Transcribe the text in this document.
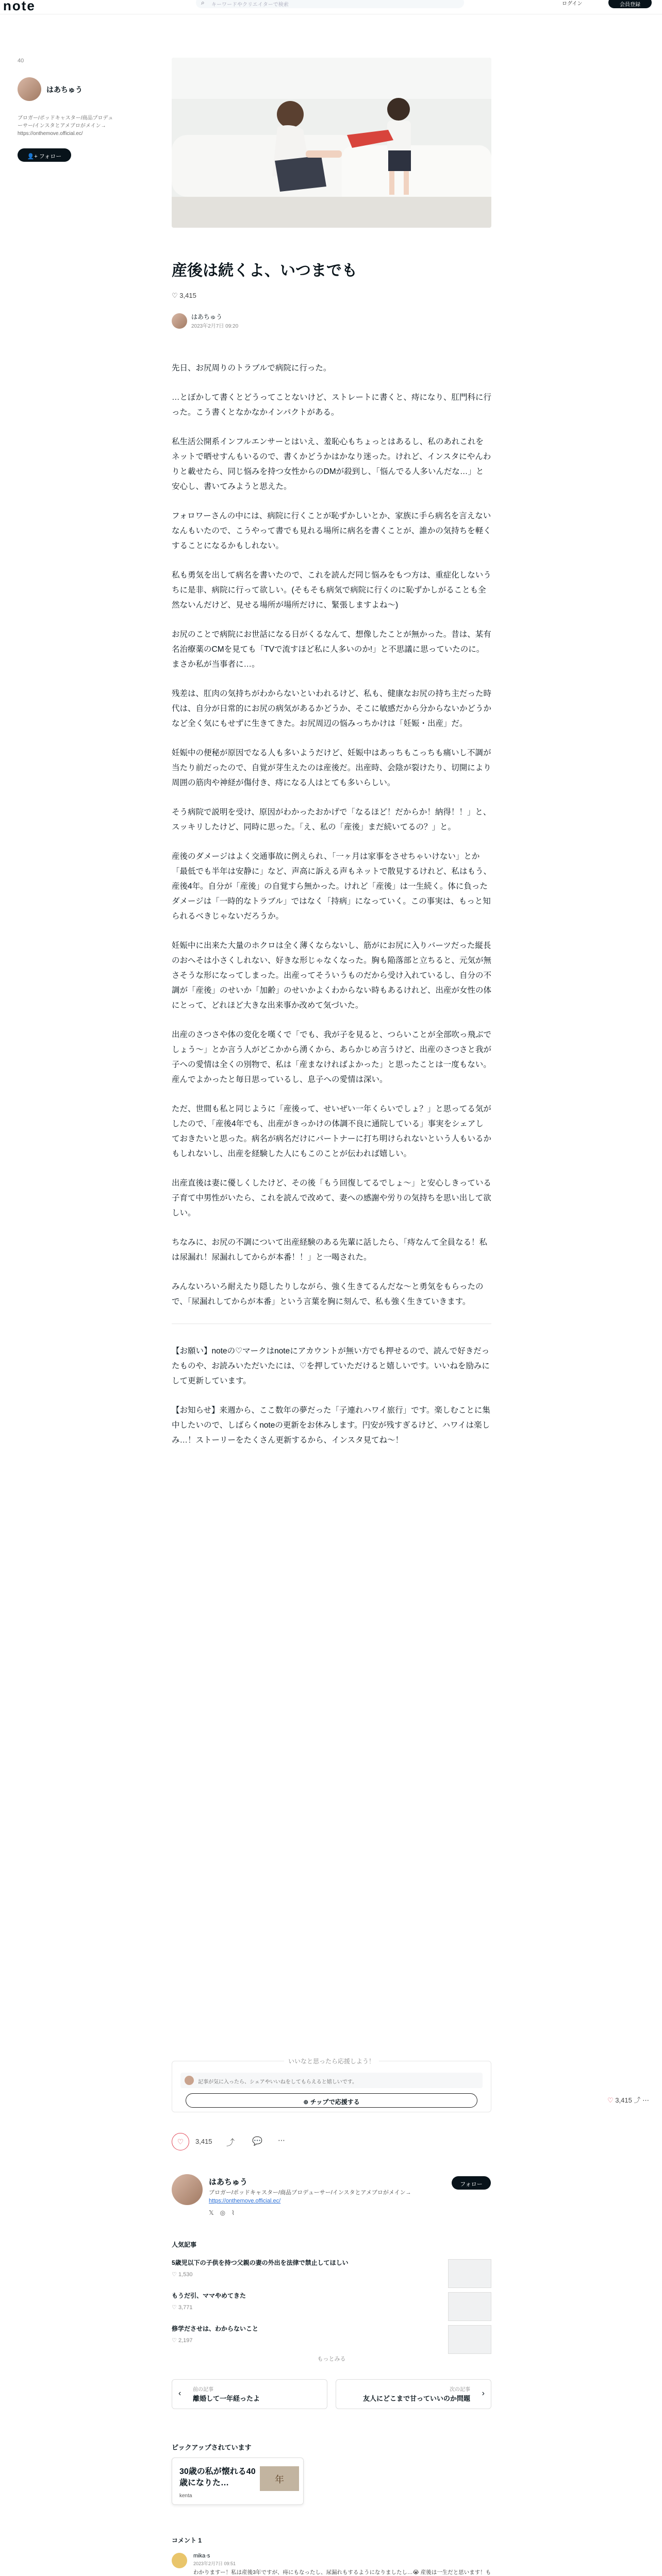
note	⌕ キーワードやクリエイターで検索	ログイン	会員登録
40
はあちゅう
ブロガー/ポッドキャスター/商品プロデューサー/インスタとアメブロがメイン→ https://onthemove.official.ec/
👤+ フォロー
産後は続くよ、いつまでも
♡ 3,415
はあちゅう
2023年2月7日 09:20

先日、お尻周りのトラブルで病院に行った。

…とぼかして書くとどうってことないけど、ストレートに書くと、痔になり、肛門科に行った。こう書くとなかなかインパクトがある。

私生活公開系インフルエンサーとはいえ、羞恥心もちょっとはあるし、私のあれこれをネットで晒せすんもいるので、書くかどうかはかなり迷った。けれど、インスタにやんわりと載せたら、同じ悩みを持つ女性からのDMが殺到し、「悩んでる人多いんだな…」と安心し、書いてみようと思えた。

フォロワーさんの中には、病院に行くことが恥ずかしいとか、家族に手ら病名を言えないなんもいたので、こうやって書でも見れる場所に病名を書くことが、誰かの気持ちを軽くすることになるかもしれない。

私も勇気を出して病名を書いたので、これを読んだ同じ悩みをもつ方は、重症化しないうちに是非、病院に行って欲しい。(そもそも病気で病院に行くのに恥ずかしがることも全然ないんだけど、見せる場所が場所だけに、緊張しますよね〜)

お尻のことで病院にお世話になる日がくるなんて、想像したことが無かった。昔は、某有名治療薬のCMを見ても「TVで流すほど私に人多いのか!」と不思議に思っていたのに。まさか私が当事者に…。

残差は、肛肉の気持ちがわからないといわれるけど、私も、健康なお尻の持ち主だった時代は、自分が日常的にお尻の病気があるかどうか、そこに敏感だから分からないかどうかなど全く気にもせずに生きてきた。お尻周辺の悩みっちかけは「妊娠・出産」だ。

妊娠中の便秘が原因でなる人も多いようだけど、妊娠中はあっちもこっちも痛いし不調が当たり前だったので、自覚が芽生えたのは産後だ。出産時、会陰が裂けたり、切開により周囲の筋肉や神経が傷付き、痔になる人はとても多いらしい。

そう病院で説明を受け、原因がわかったおかげで「なるほど！だからか！納得！！」と、スッキリしたけど、同時に思った。「え、私の「産後」まだ続いてるの？」と。

産後のダメージはよく交通事故に例えられ、「一ヶ月は家事をさせちゃいけない」とか「最低でも半年は安静に」など、声高に訴える声もネットで散見するけれど、私はもう、産後4年。自分が「産後」の自覚すら無かった。けれど「産後」は一生続く。体に負ったダメージは「一時的なトラブル」ではなく「持病」になっていく。この事実は、もっと知られるべきじゃないだろうか。

妊娠中に出来た大量のホクロは全く薄くならないし、筋がにお尻に入りバーツだった縦長のおへそは小さくしれない、好きな形じゃなくなった。胸も陥落部と立ちると、元気が無さそうな形になってしまった。出産ってそういうものだから受け入れているし、自分の不調が「産後」のせいか「加齢」のせいかよくわからない時もあるけれど、出産が女性の体にとって、どれほど大きな出来事か改めて気づいた。

出産のさつさや体の変化を嘆くで「でも、我が子を見ると、つらいことが全部吹っ飛ぶでしょう〜」とか言う人がどこかから湧くから、あらかじめ言うけど、出産のさつさと我が子への愛情は全くの別物で、私は「産まなければよかった」と思ったことは一度もない。産んでよかったと毎日思っているし、息子への愛情は深い。

ただ、世間も私と同じように「産後って、せいぜい一年くらいでしょ？」と思ってる気がしたので、「産後4年でも、出産がきっかけの体調不良に通院している」事実をシェアしておきたいと思った。病名が病名だけにパートナーに打ち明けられないという人もいるかもしれないし、出産を経験した人にもこのことが伝われば嬉しい。

出産直後は妻に優しくしたけど、その後「もう回復してるでしょ〜」と安心しきっている子育て中男性がいたら、これを読んで改めて、妻への感謝や労りの気持ちを思い出して欲しい。

ちなみに、お尻の不調について出産経験のある先輩に話したら、「痔なんて全員なる！私は尿漏れ！尿漏れしてからが本番！！」と一喝された。

みんないろいろ耐えたり隠したりしながら、強く生きてるんだな〜と勇気をもらったので、「尿漏れしてからが本番」という言葉を胸に刻んで、私も強く生きていきます。

【お願い】noteの♡マークはnoteにアカウントが無い方でも押せるので、読んで好きだったものや、お読みいただいたには、♡を押していただけると嬉しいです。いいねを励みにして更新しています。

【お知らせ】来週から、ここ数年の夢だった「子連れハワイ旅行」です。楽しむことに集中したいので、しばらくnoteの更新をお休みします。円安が残すぎるけど、ハワイは楽しみ…！ストーリーをたくさん更新するから、インスタ見てね〜！

いいなと思ったら応援しよう！
記事が気に入ったら、シェアやいいねをしてもらえると嬉しいです。
⊕ チップで応援する	♡ 3,415 ⤴ ⋯
♡	3,415 ⤴ 💬 ⋯
はあちゅう
ブロガー/ポッドキャスター/商品プロデューサー/インスタとアメブロがメイン→ https://onthemove.official.ec/
𝕏◎⌇
フォロー
人気記事
5歳児以下の子供を持つ父親の妻の外出を法律で禁止してほしい
♡ 1,530
もうだ引、ママやめてきた
♡ 3,771
修学ださせは、わからないこと
♡ 2,197
もっとみる
前の記事
離婚して一年経ったよ
‹	次の記事
友人にどこまで甘っていいのか問題
›
ピックアップされています
30歳の私が懐れる40歳になりた…
kenta
年
コメント 1
mika·s
2023年2月7日 09:51
わかりますー！私は産後3年ですが、痔にもなったし、尿漏れもするようになりましたし…😭 産後は一生だと思います！も
